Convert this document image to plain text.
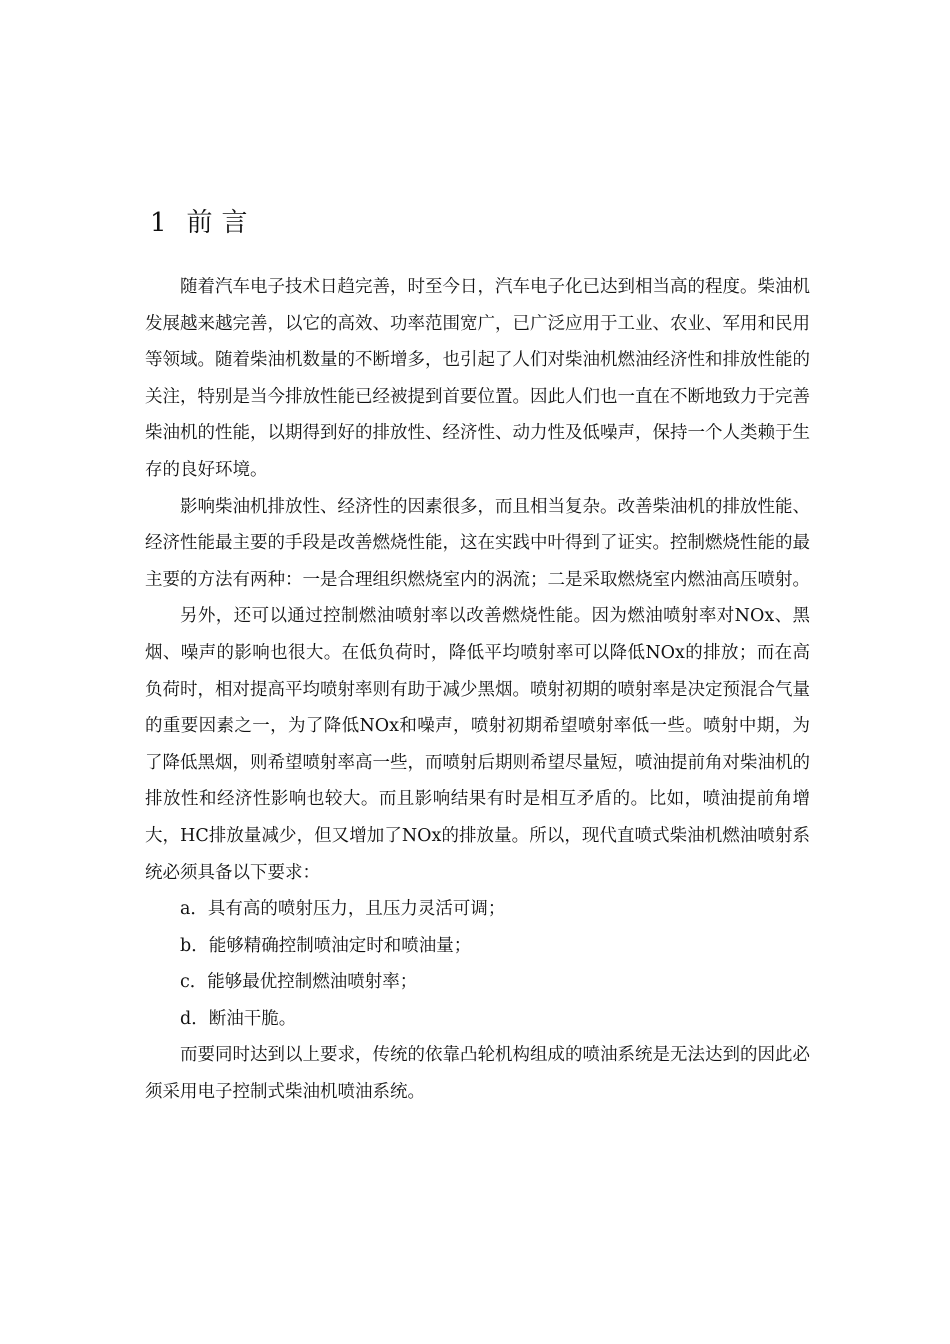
1 前言

随着汽车电子技术日趋完善，时至今日，汽车电子化已达到相当高的程度。柴油机发展越来越完善，以它的高效、功率范围宽广，已广泛应用于工业、农业、军用和民用等领域。随着柴油机数量的不断增多，也引起了人们对柴油机燃油经济性和排放性能的关注，特别是当今排放性能已经被提到首要位置。因此人们也一直在不断地致力于完善柴油机的性能，以期得到好的排放性、经济性、动力性及低噪声，保持一个人类赖于生存的良好环境。

影响柴油机排放性、经济性的因素很多，而且相当复杂。改善柴油机的排放性能、经济性能最主要的手段是改善燃烧性能，这在实践中叶得到了证实。控制燃烧性能的最主要的方法有两种：一是合理组织燃烧室内的涡流；二是采取燃烧室内燃油高压喷射。

另外，还可以通过控制燃油喷射率以改善燃烧性能。因为燃油喷射率对NOx、黑烟、噪声的影响也很大。在低负荷时，降低平均喷射率可以降低NOx的排放；而在高负荷时，相对提高平均喷射率则有助于减少黑烟。喷射初期的喷射率是决定预混合气量的重要因素之一，为了降低NOx和噪声，喷射初期希望喷射率低一些。喷射中期，为了降低黑烟，则希望喷射率高一些，而喷射后期则希望尽量短，喷油提前角对柴油机的排放性和经济性影响也较大。而且影响结果有时是相互矛盾的。比如，喷油提前角增大，HC排放量减少，但又增加了NOx的排放量。所以，现代直喷式柴油机燃油喷射系统必须具备以下要求：

a．具有高的喷射压力，且压力灵活可调；

b．能够精确控制喷油定时和喷油量；

c．能够最优控制燃油喷射率；

d．断油干脆。

而要同时达到以上要求，传统的依靠凸轮机构组成的喷油系统是无法达到的因此必须采用电子控制式柴油机喷油系统。
